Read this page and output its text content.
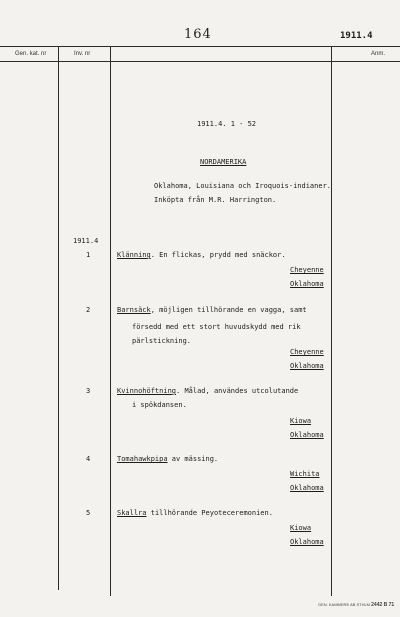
164	1911.4
Gen. kat. nr	Inv. nr	Anm.
1911.4. 1 - 52
NORDAMERIKA
Oklahoma, Louisiana och Iroquois-indianer.
Inköpta från M.R. Harrington.
1911.4
1	Klänning. En flickas, prydd med snäckor.
Cheyenne
Oklahoma
2	Barnsäck, möjligen tillhörande en vagga, samt
försedd med ett stort huvudskydd med rik pärlstickning.
Cheyenne
Oklahoma
3	Kvinnohöftning. Målad, användes utcolutande
i spökdansen.
Kiowa
Oklahoma
4	Tomahawkpipa av mässing.
Wichita
Oklahoma
5	Skallra tillhörande Peyoteceremonien.
Kiowa
Oklahoma
GEN. KAMMERE AB STHLM 2442 B 71
